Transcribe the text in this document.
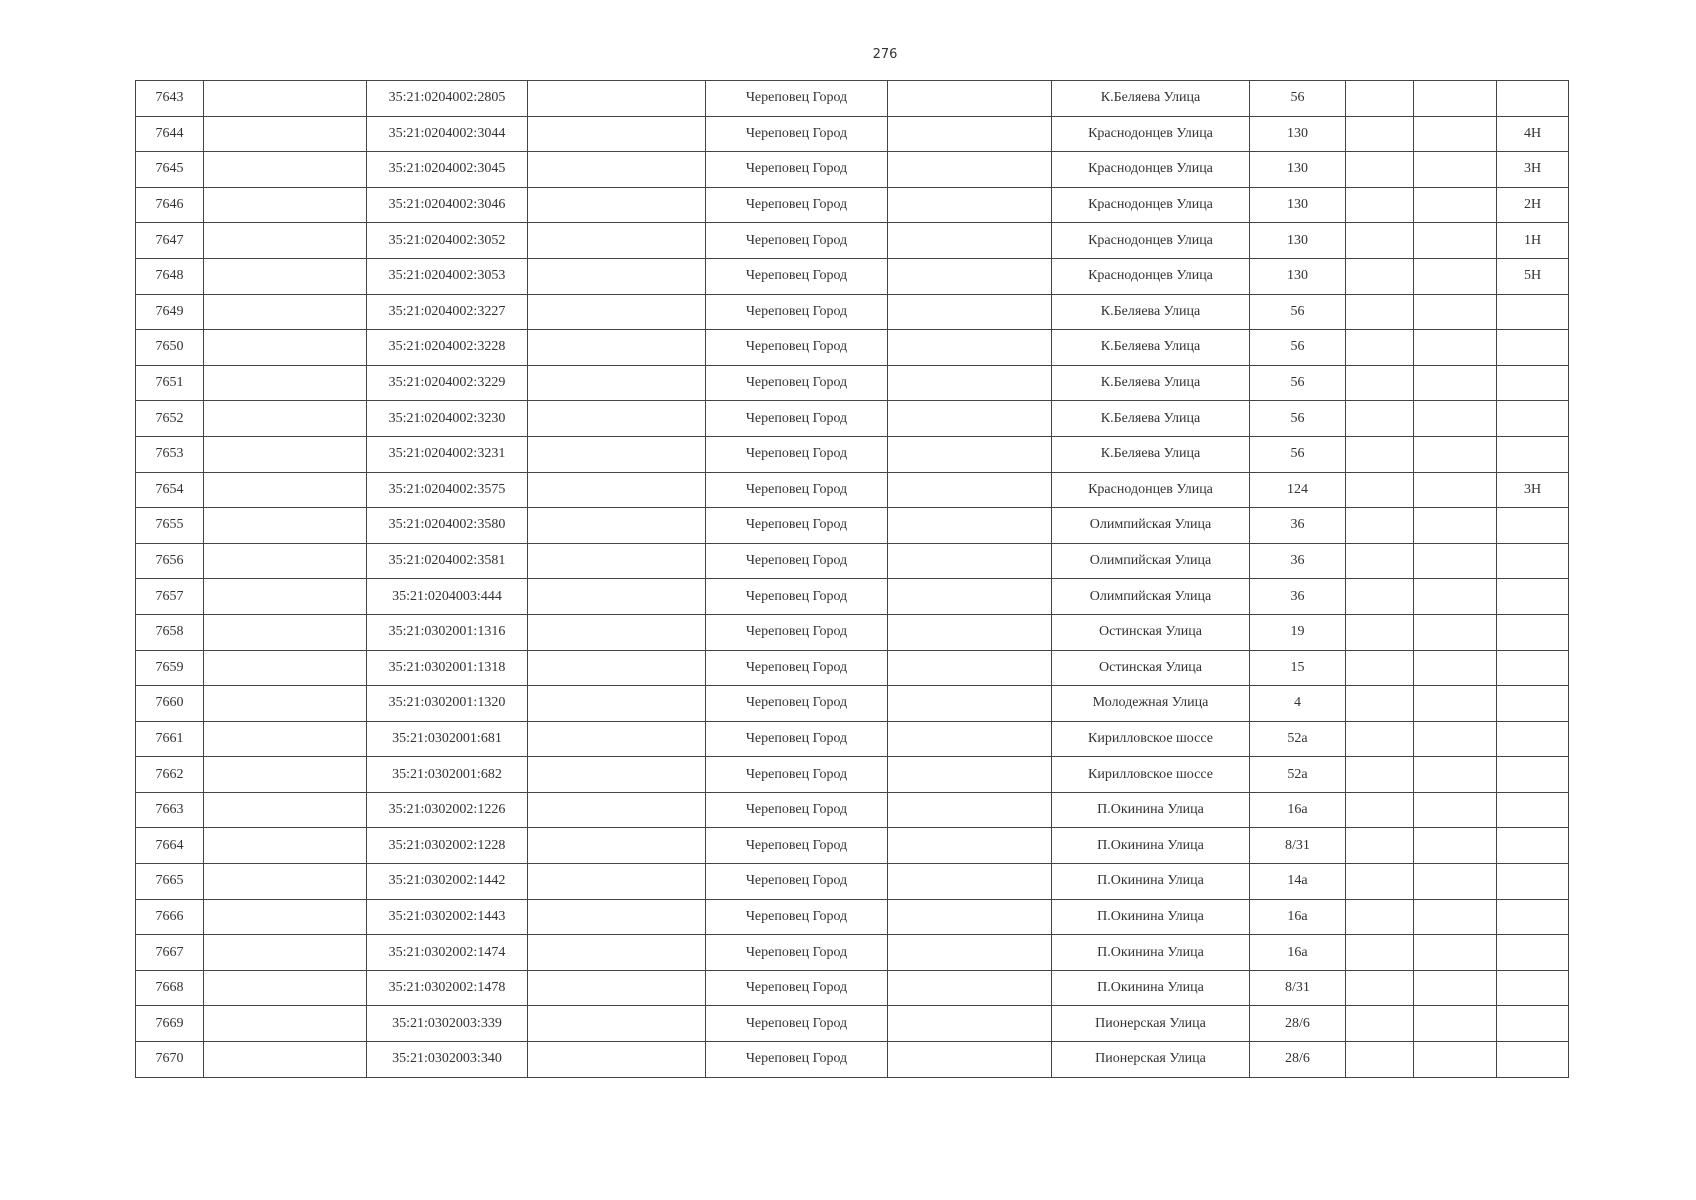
276
7643		35:21:0204002:2805		Череповец Город		К.Беляева Улица	56			
7644		35:21:0204002:3044		Череповец Город		Краснодонцев Улица	130			4Н
7645		35:21:0204002:3045		Череповец Город		Краснодонцев Улица	130			3Н
7646		35:21:0204002:3046		Череповец Город		Краснодонцев Улица	130			2Н
7647		35:21:0204002:3052		Череповец Город		Краснодонцев Улица	130			1Н
7648		35:21:0204002:3053		Череповец Город		Краснодонцев Улица	130			5Н
7649		35:21:0204002:3227		Череповец Город		К.Беляева Улица	56			
7650		35:21:0204002:3228		Череповец Город		К.Беляева Улица	56			
7651		35:21:0204002:3229		Череповец Город		К.Беляева Улица	56			
7652		35:21:0204002:3230		Череповец Город		К.Беляева Улица	56			
7653		35:21:0204002:3231		Череповец Город		К.Беляева Улица	56			
7654		35:21:0204002:3575		Череповец Город		Краснодонцев Улица	124			3Н
7655		35:21:0204002:3580		Череповец Город		Олимпийская Улица	36			
7656		35:21:0204002:3581		Череповец Город		Олимпийская Улица	36			
7657		35:21:0204003:444		Череповец Город		Олимпийская Улица	36			
7658		35:21:0302001:1316		Череповец Город		Остинская Улица	19			
7659		35:21:0302001:1318		Череповец Город		Остинская Улица	15			
7660		35:21:0302001:1320		Череповец Город		Молодежная Улица	4			
7661		35:21:0302001:681		Череповец Город		Кирилловское шоссе	52а			
7662		35:21:0302001:682		Череповец Город		Кирилловское шоссе	52а			
7663		35:21:0302002:1226		Череповец Город		П.Окинина Улица	16а			
7664		35:21:0302002:1228		Череповец Город		П.Окинина Улица	8/31			
7665		35:21:0302002:1442		Череповец Город		П.Окинина Улица	14а			
7666		35:21:0302002:1443		Череповец Город		П.Окинина Улица	16а			
7667		35:21:0302002:1474		Череповец Город		П.Окинина Улица	16а			
7668		35:21:0302002:1478		Череповец Город		П.Окинина Улица	8/31			
7669		35:21:0302003:339		Череповец Город		Пионерская Улица	28/6			
7670		35:21:0302003:340		Череповец Город		Пионерская Улица	28/6			
